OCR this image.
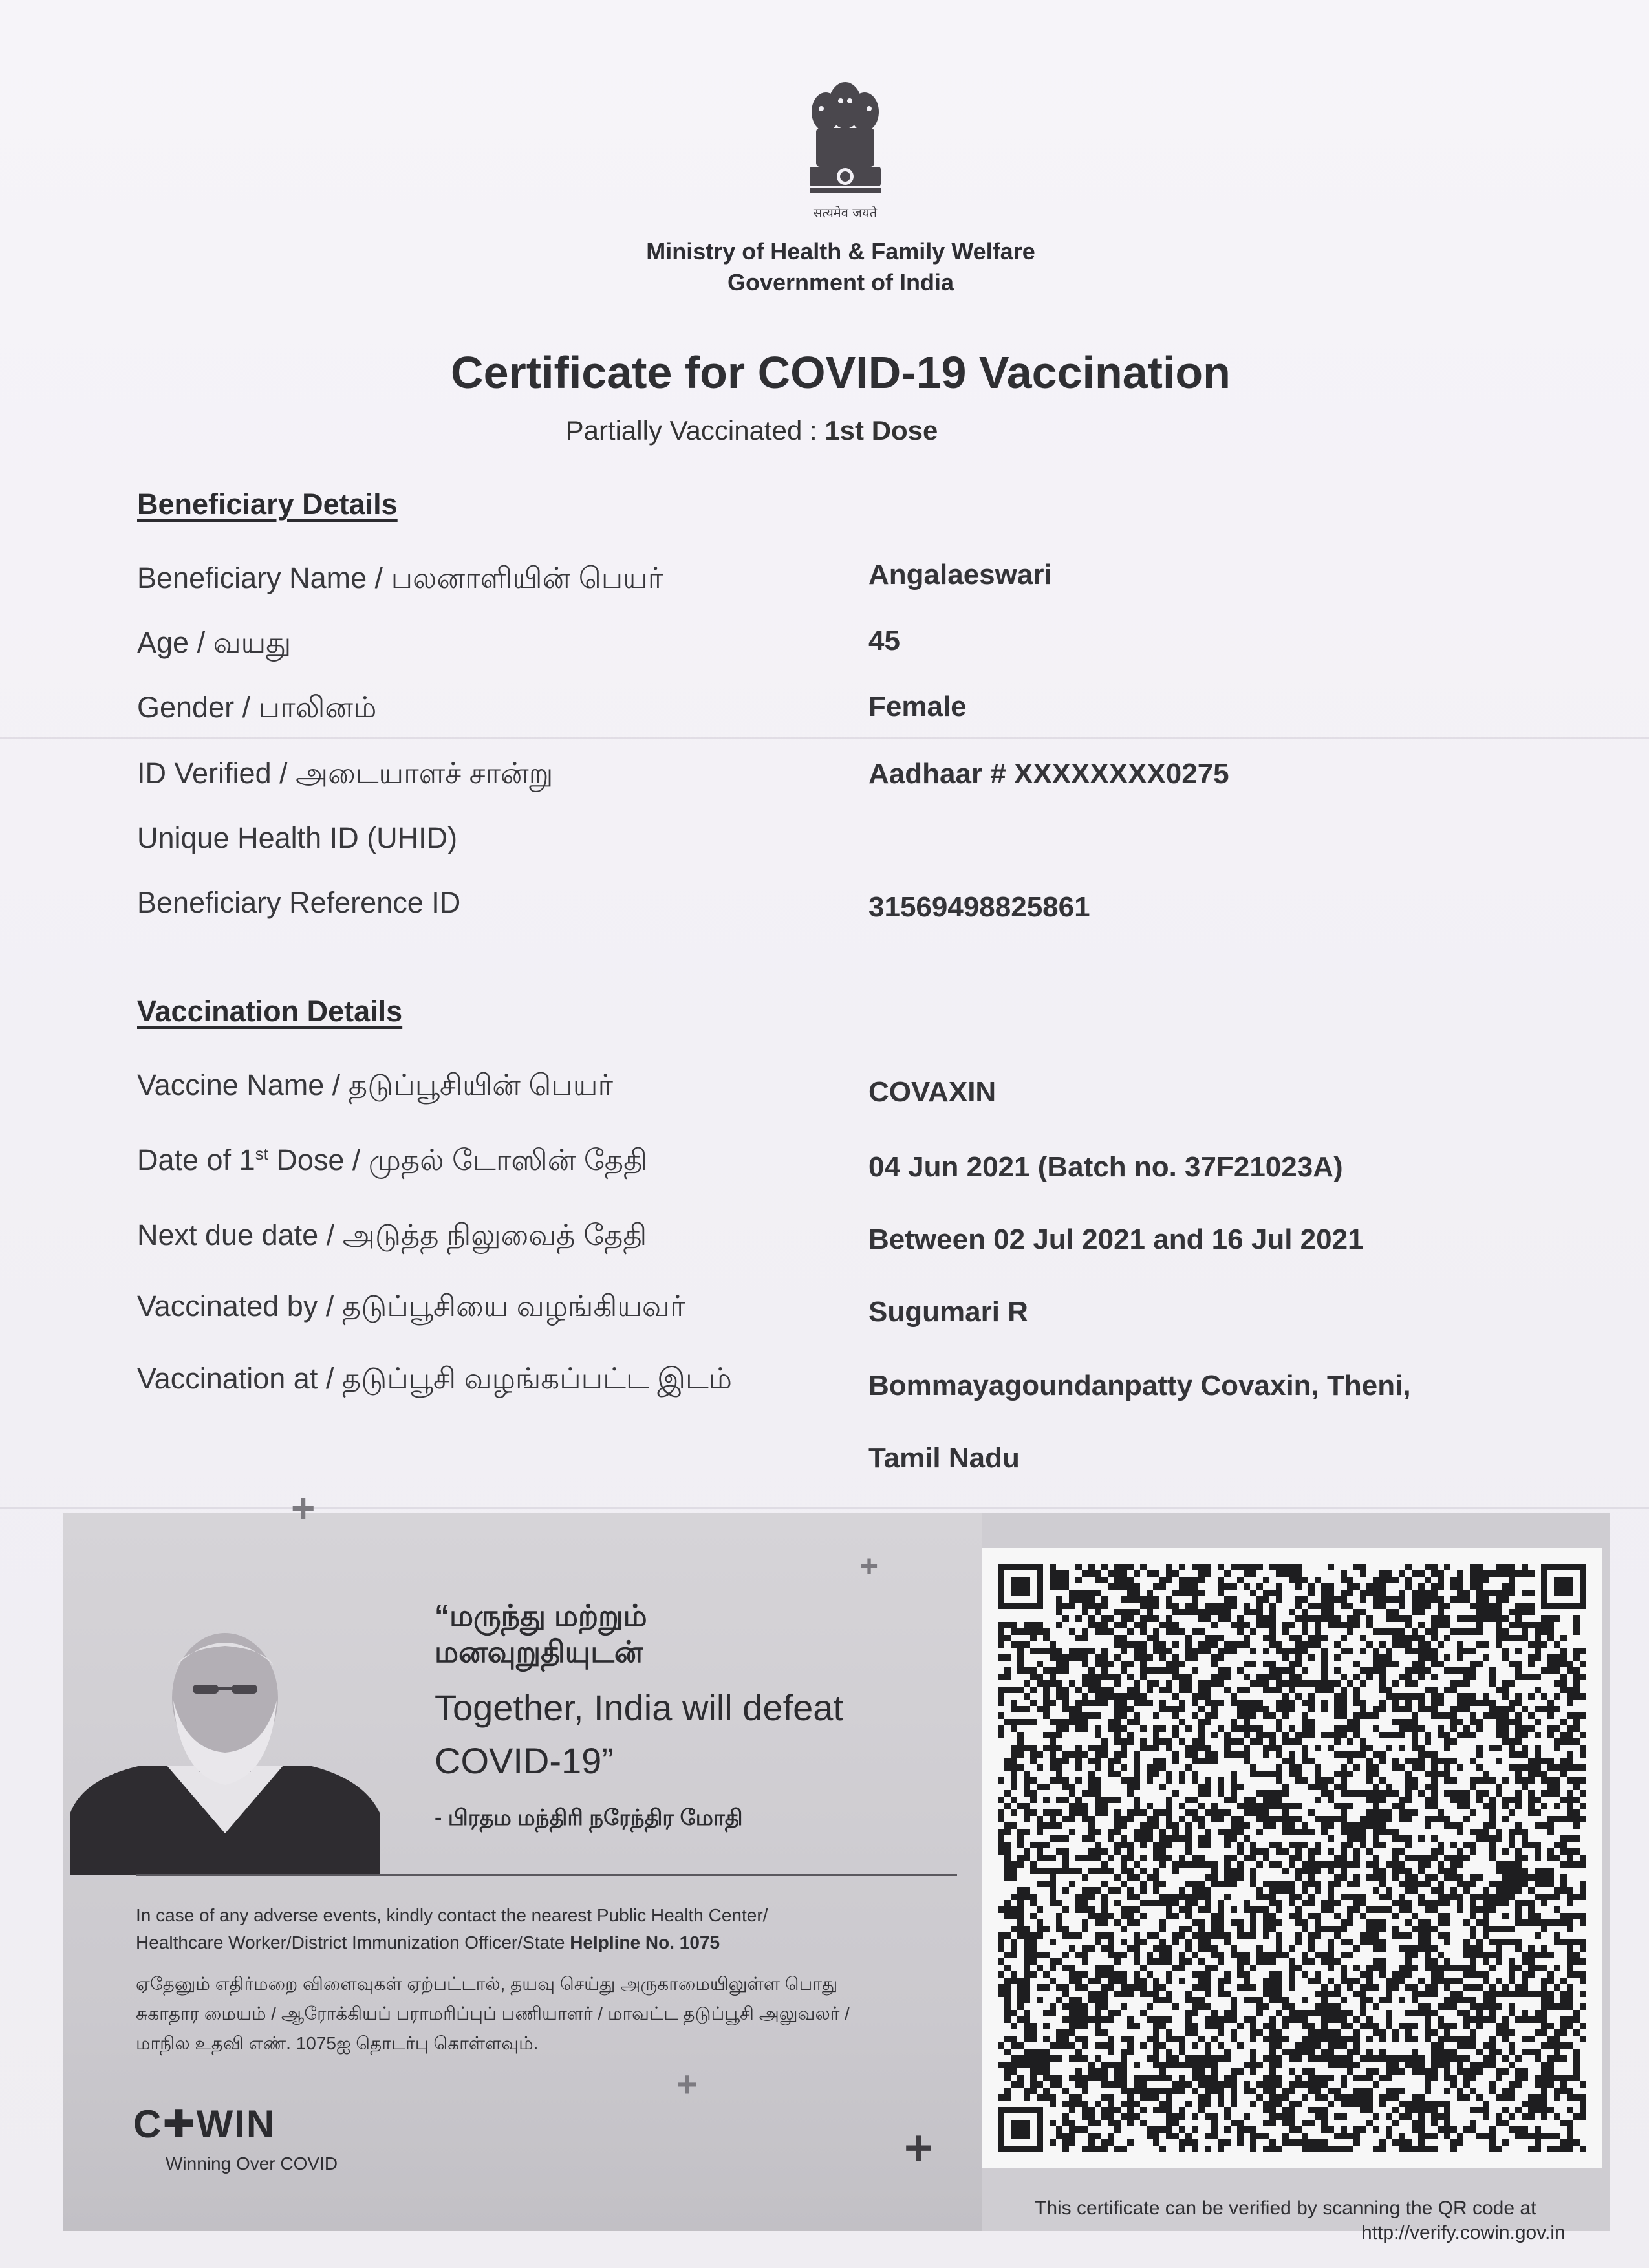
सत्यमेव जयते
Ministry of Health & Family Welfare
Government of India
Certificate for COVID-19 Vaccination
Partially Vaccinated : 1st Dose
Beneficiary Details
Beneficiary Name / பலனாளியின் பெயர்	Angalaeswari
Age / வயது	45
Gender / பாலினம்	Female
ID Verified / அடையாளச் சான்று	Aadhaar # XXXXXXXX0275
Unique Health ID (UHID)
Beneficiary Reference ID	31569498825861
Vaccination Details
Vaccine Name / தடுப்பூசியின் பெயர்	COVAXIN
Date of 1st Dose / முதல் டோஸின் தேதி	04 Jun 2021 (Batch no. 37F21023A)
Next due date / அடுத்த நிலுவைத் தேதி	Between 02 Jul 2021 and 16 Jul 2021
Vaccinated by / தடுப்பூசியை வழங்கியவர்	Sugumari R
Vaccination at / தடுப்பூசி வழங்கப்பட்ட இடம்	Bommayagoundanpatty Covaxin, Theni,
Tamil Nadu
+
+
+
+
“மருந்து மற்றும்
மனவுறுதியுடன்
Together, India will defeat
COVID-19”
- பிரதம மந்திரி நரேந்திர மோதி
In case of any adverse events, kindly contact the nearest Public Health Center/
Healthcare Worker/District Immunization Officer/State Helpline No. 1075
ஏதேனும் எதிர்மறை விளைவுகள் ஏற்பட்டால், தயவு செய்து அருகாமையிலுள்ள பொது
சுகாதார மையம் / ஆரோக்கியப் பராமரிப்புப் பணியாளர் / மாவட்ட தடுப்பூசி அலுவலர் /
மாநில உதவி எண். 1075ஐ தொடர்பு கொள்ளவும்.
C✚WIN
Winning Over COVID
This certificate can be verified by scanning the QR code at
http://verify.cowin.gov.in
